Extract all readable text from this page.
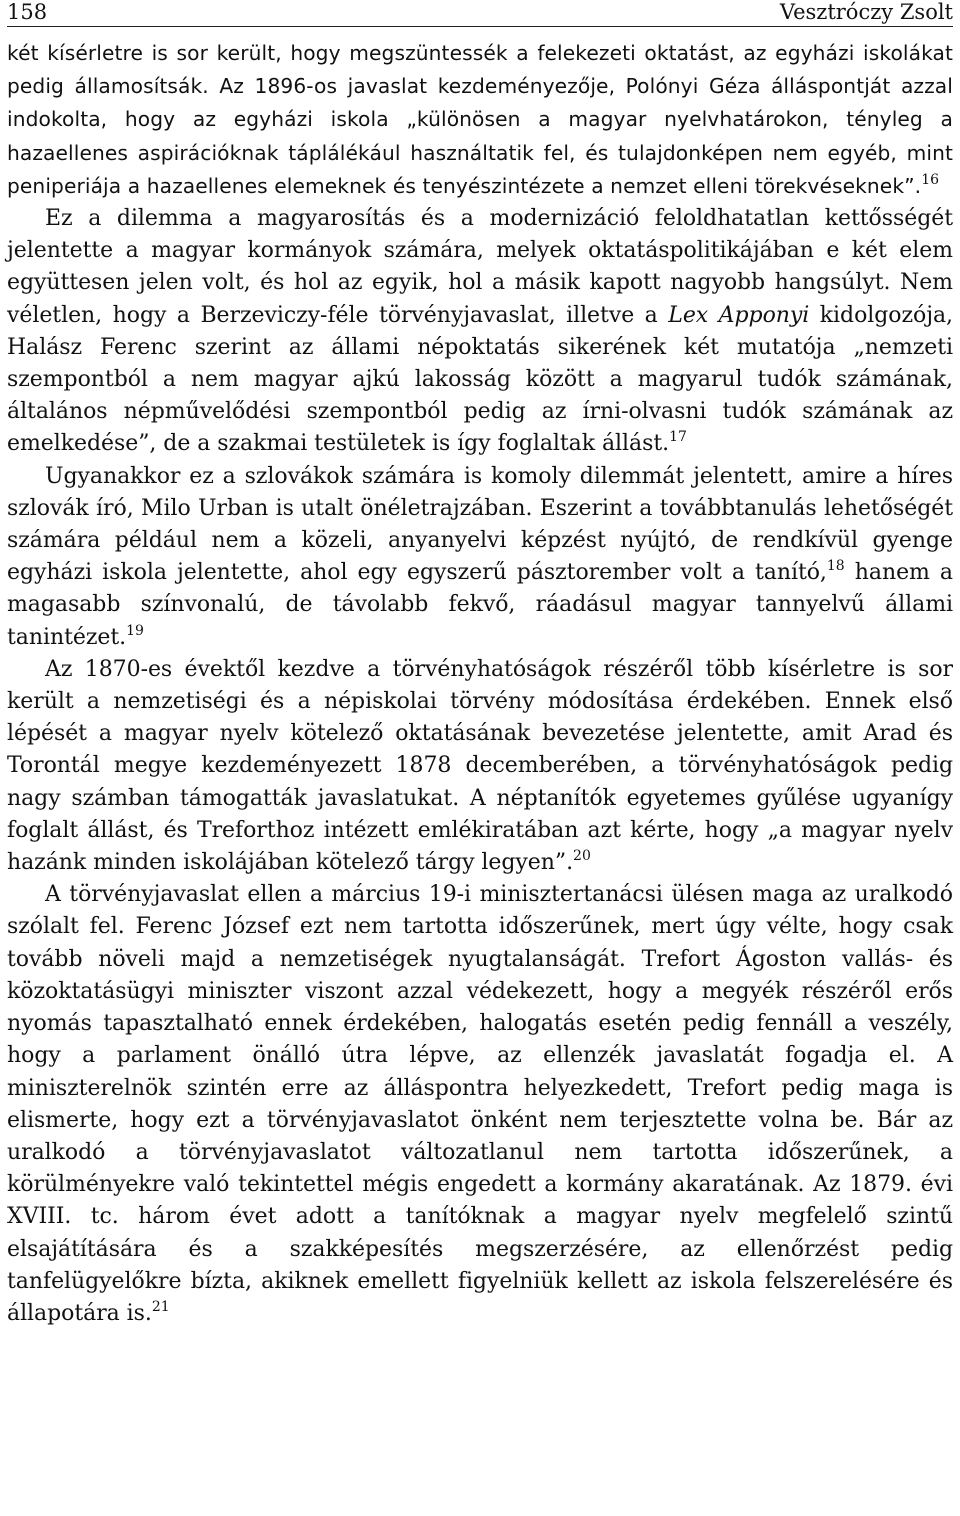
158	Vesztróczy Zsolt

két kísérletre is sor került, hogy megszüntessék a felekezeti oktatást, az egyházi iskolákat pedig államosítsák. Az 1896-os javaslat kezdeményezője, Polónyi Géza álláspontját azzal indokolta, hogy az egyházi iskola „különösen a magyar nyelvhatárokon, tényleg a hazaellenes aspirációknak táplálékául használtatik fel, és tulajdonképen nem egyéb, mint peniperiája a hazaellenes elemeknek és tenyészintézete a nemzet elleni törekvéseknek”.$^{16}$

Ez a dilemma a magyarosítás és a modernizáció feloldhatatlan kettősségét jelentette a magyar kormányok számára, melyek oktatáspolitikájában e két elem együttesen jelen volt, és hol az egyik, hol a másik kapott nagyobb hangsúlyt. Nem véletlen, hogy a Berzeviczy-féle törvényjavaslat, illetve a Lex Apponyi kidolgozója, Halász Ferenc szerint az állami népoktatás sikerének két mutatója „nemzeti szempontból a nem magyar ajkú lakosság között a magyarul tudók számának, általános népművelődési szempontból pedig az írni-olvasni tudók számának az emelkedése”, de a szakmai testületek is így foglaltak állást.$^{17}$

Ugyanakkor ez a szlovákok számára is komoly dilemmát jelentett, amire a híres szlovák író, Milo Urban is utalt önéletrajzában. Eszerint a továbbtanulás lehetőségét számára például nem a közeli, anyanyelvi képzést nyújtó, de rendkívül gyenge egyházi iskola jelentette, ahol egy egyszerű pásztorember volt a tanító,$^{18}$ hanem a magasabb színvonalú, de távolabb fekvő, ráadásul magyar tannyelvű állami tanintézet.$^{19}$

Az 1870-es évektől kezdve a törvényhatóságok részéről több kísérletre is sor került a nemzetiségi és a népiskolai törvény módosítása érdekében. Ennek első lépését a magyar nyelv kötelező oktatásának bevezetése jelentette, amit Arad és Torontál megye kezdeményezett 1878 decemberében, a törvényhatóságok pedig nagy számban támogatták javaslatukat. A néptanítók egyetemes gyűlése ugyanígy foglalt állást, és Treforthoz intézett emlékiratában azt kérte, hogy „a magyar nyelv hazánk minden iskolájában kötelező tárgy legyen”.$^{20}$

A törvényjavaslat ellen a március 19-i minisztertanácsi ülésen maga az uralkodó szólalt fel. Ferenc József ezt nem tartotta időszerűnek, mert úgy vélte, hogy csak tovább növeli majd a nemzetiségek nyugtalanságát. Trefort Ágoston vallás- és közoktatásügyi miniszter viszont azzal védekezett, hogy a megyék részéről erős nyomás tapasztalható ennek érdekében, halogatás esetén pedig fennáll a veszély, hogy a parlament önálló útra lépve, az ellenzék javaslatát fogadja el. A miniszterelnök szintén erre az álláspontra helyezkedett, Trefort pedig maga is elismerte, hogy ezt a törvényjavaslatot önként nem terjesztette volna be. Bár az uralkodó a törvényjavaslatot változatlanul nem tartotta időszerűnek, a körülményekre való tekintettel mégis engedett a kormány akaratának. Az 1879. évi XVIII. tc. három évet adott a tanítóknak a magyar nyelv megfelelő szintű elsajátítására és a szakképesítés megszerzésére, az ellenőrzést pedig tanfelügyelőkre bízta, akiknek emellett figyelniük kellett az iskola felszerelésére és állapotára is.$^{21}$
